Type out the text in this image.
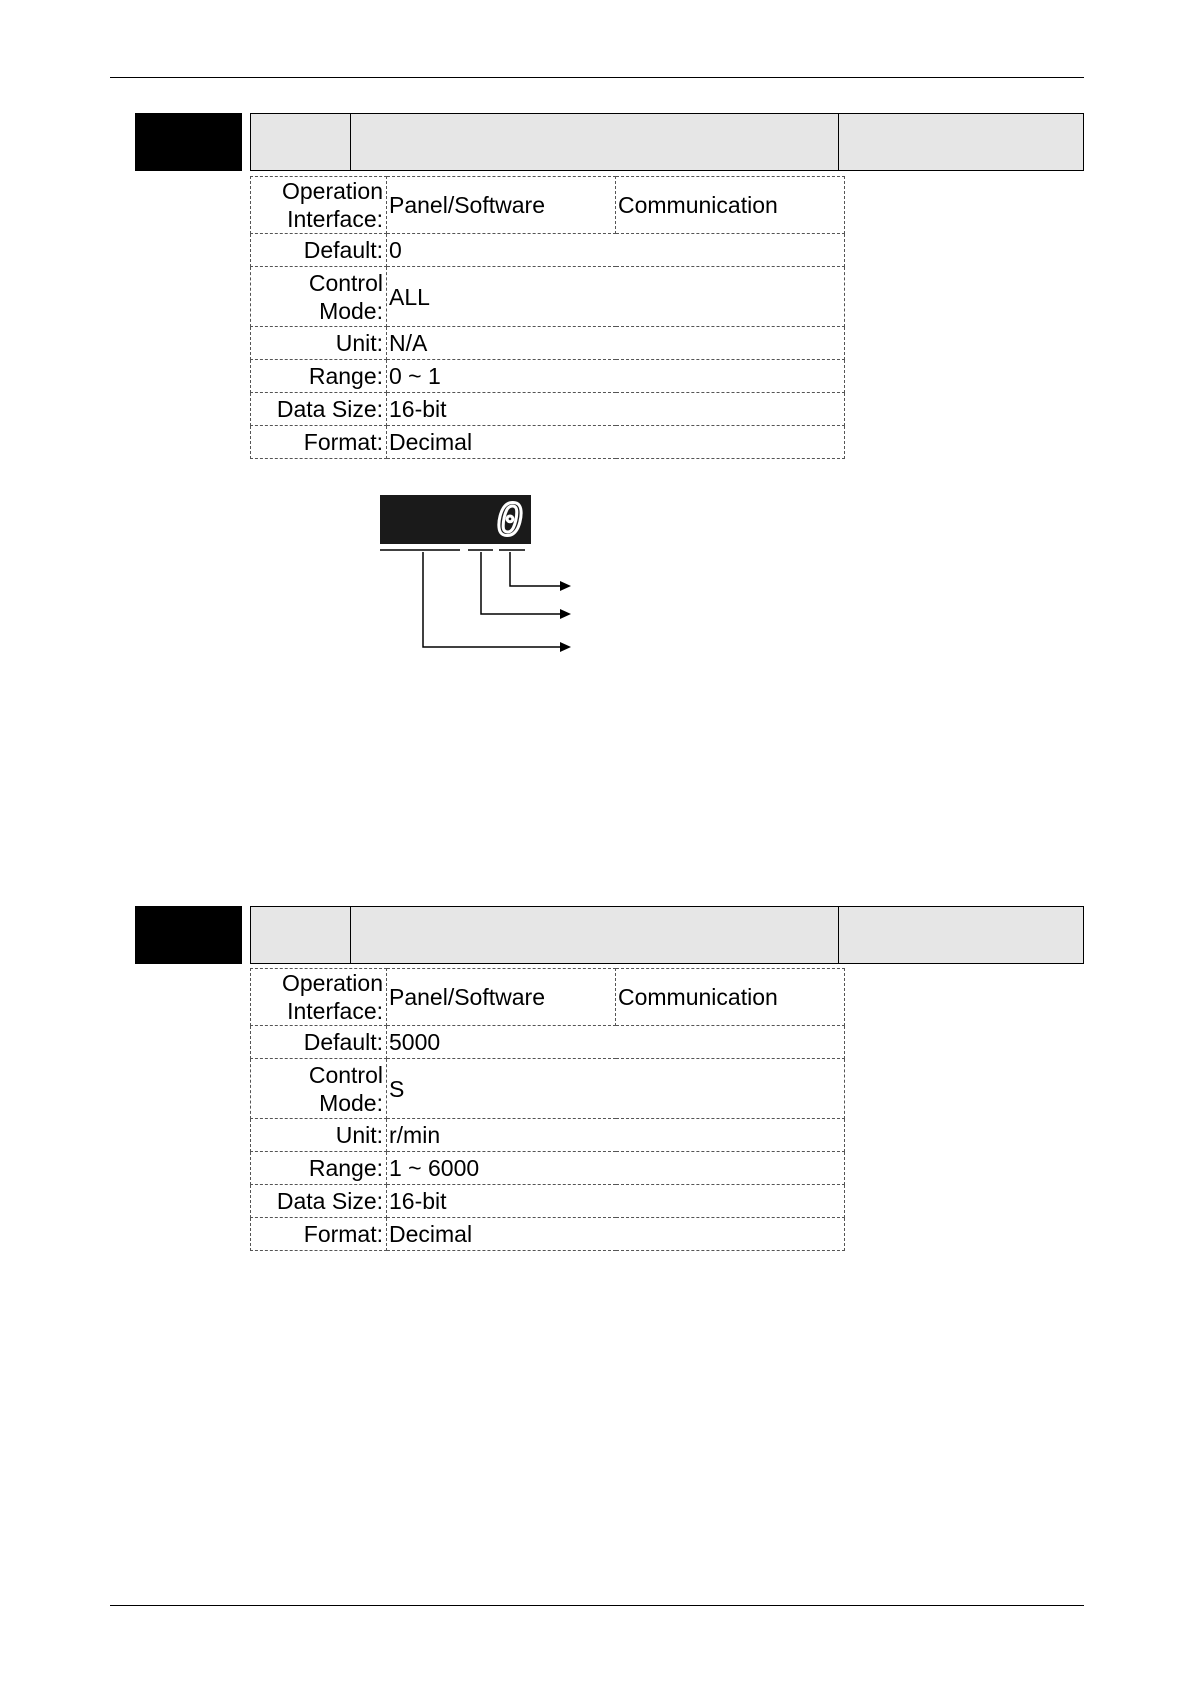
Operation Interface:	Panel/Software	Communication
Default:	0	
Control Mode:	ALL	
Unit:	N/A	
Range:	0 ~ 1	
Data Size:	16-bit	
Format:	Decimal	
0
Operation Interface:	Panel/Software	Communication
Default:	5000	
Control Mode:	S	
Unit:	r/min	
Range:	1 ~ 6000	
Data Size:	16-bit	
Format:	Decimal	
